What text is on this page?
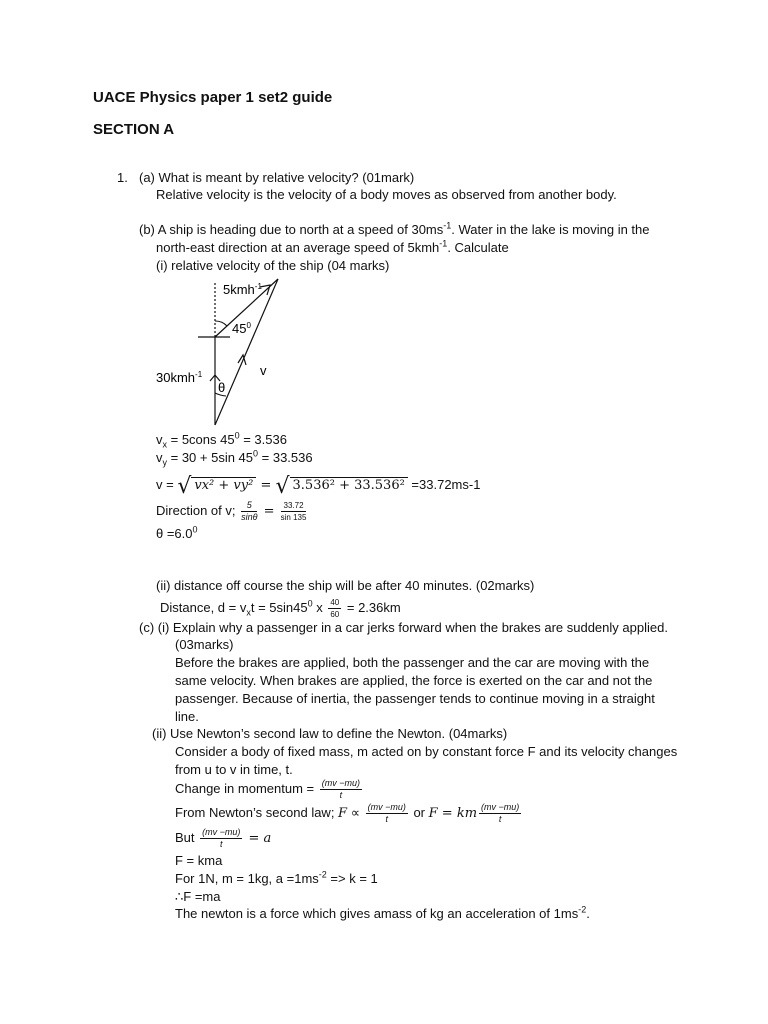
UACE Physics paper 1 set2 guide
SECTION A
1. (a) What is meant by relative velocity? (01mark)
Relative velocity is the velocity of a body moves as observed from another body.
(b) A ship is heading due to north at a speed of $30ms^{-1}$. Water in the lake is moving in the
north-east direction at an average speed of 5kmh$^{-1}$. Calculate
(i) relative velocity of the ship (04 marks)
5kmh$^{-1}$
$45^0$
30kmh$^{-1}$	v
θ
$v_x$ = 5cons $45^0 = 3.536$
$v_y = 30 + 5\sin$ $45^0 = 33.536$
v = √ v𝑥² + v𝑦² = √ 3.536² + 33.536² =33.72ms-1
Direction of v; $\frac{5}{\sin\theta} = \frac{33.72}{\sin 135}$
$\theta =6.0^0$
(ii) distance off course the ship will be after 40 minutes. (02marks)
Distance, $d = v_xt = 5\sin 45^0$ x $\frac{40}{60} = 2.36km$
(c) (i) Explain why a passenger in a car jerks forward when the brakes are suddenly applied.
(03marks)
Before the brakes are applied, both the passenger and the car are moving with the
same velocity. When brakes are applied, the force is exerted on the car and not the
passenger. Because of inertia, the passenger tends to continue moving in a straight
line.
(ii) Use Newton’s second law to define the Newton. (04marks)
Consider a body of fixed mass, m acted on by constant force F and its velocity changes
from u to v in time, t.
Change in momentum = $\frac{(mv -mu)}{t}$
From Newton’s second law; $F \propto \frac{(mv -mu)}{t}$ or F = km $\frac{(mv -mu)}{t}$
But $\frac{(mv -mu)}{t} = a$
F = kma
For 1N, m = 1kg, $a =1ms^{-2} => k = 1$
∴F =ma
The newton is a force which gives amass of kg an acceleration of $1ms^{-2}$.
